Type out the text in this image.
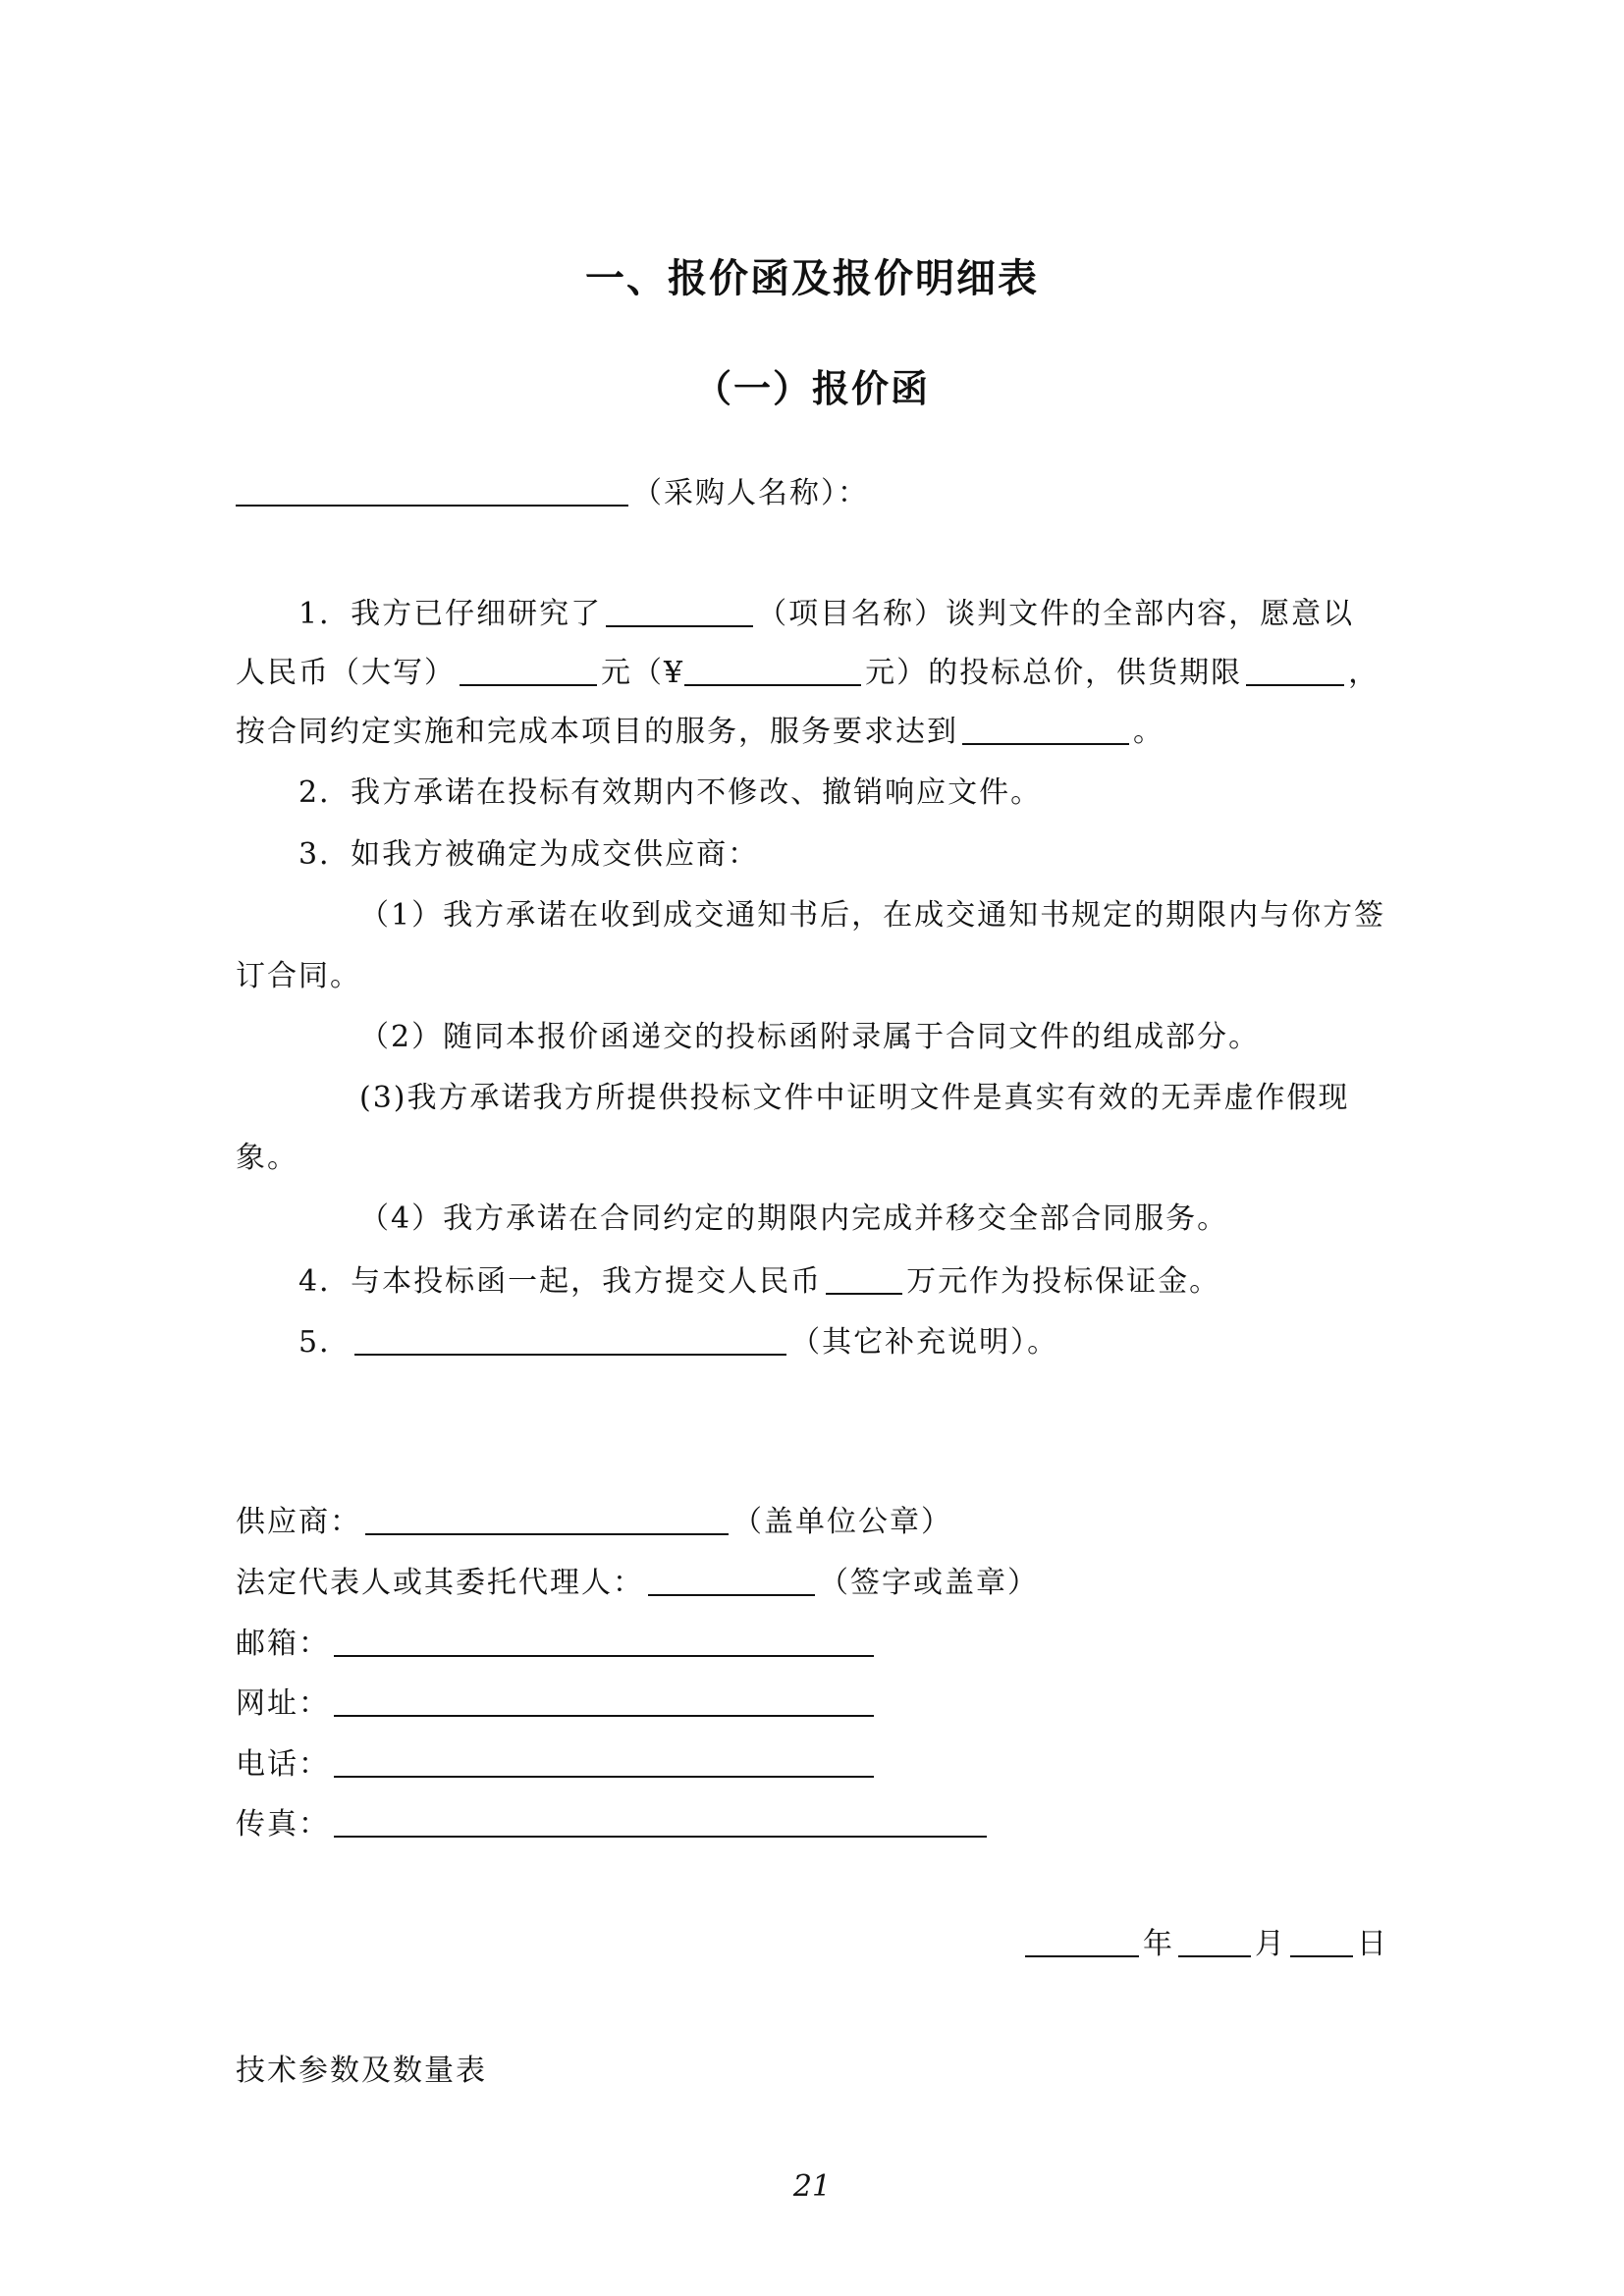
一、报价函及报价明细表
（一）报价函
（采购人名称）：
1．我方已仔细研究了	（项目名称）谈判文件的全部内容，愿意以
人民币（大写）	元（¥	元）的投标总价，供货期限	，
按合同约定实施和完成本项目的服务，服务要求达到	。
2．我方承诺在投标有效期内不修改、撤销响应文件。
3．如我方被确定为成交供应商：
（1）我方承诺在收到成交通知书后，在成交通知书规定的期限内与你方签
订合同。
（2）随同本报价函递交的投标函附录属于合同文件的组成部分。
(3)我方承诺我方所提供投标文件中证明文件是真实有效的无弄虚作假现
象。
（4）我方承诺在合同约定的期限内完成并移交全部合同服务。
4．与本投标函一起，我方提交人民币	万元作为投标保证金。
5．	（其它补充说明）。
供应商：	（盖单位公章）
法定代表人或其委托代理人：	（签字或盖章）
邮箱：
网址：
电话：
传真：
年	月 日
技术参数及数量表
21
